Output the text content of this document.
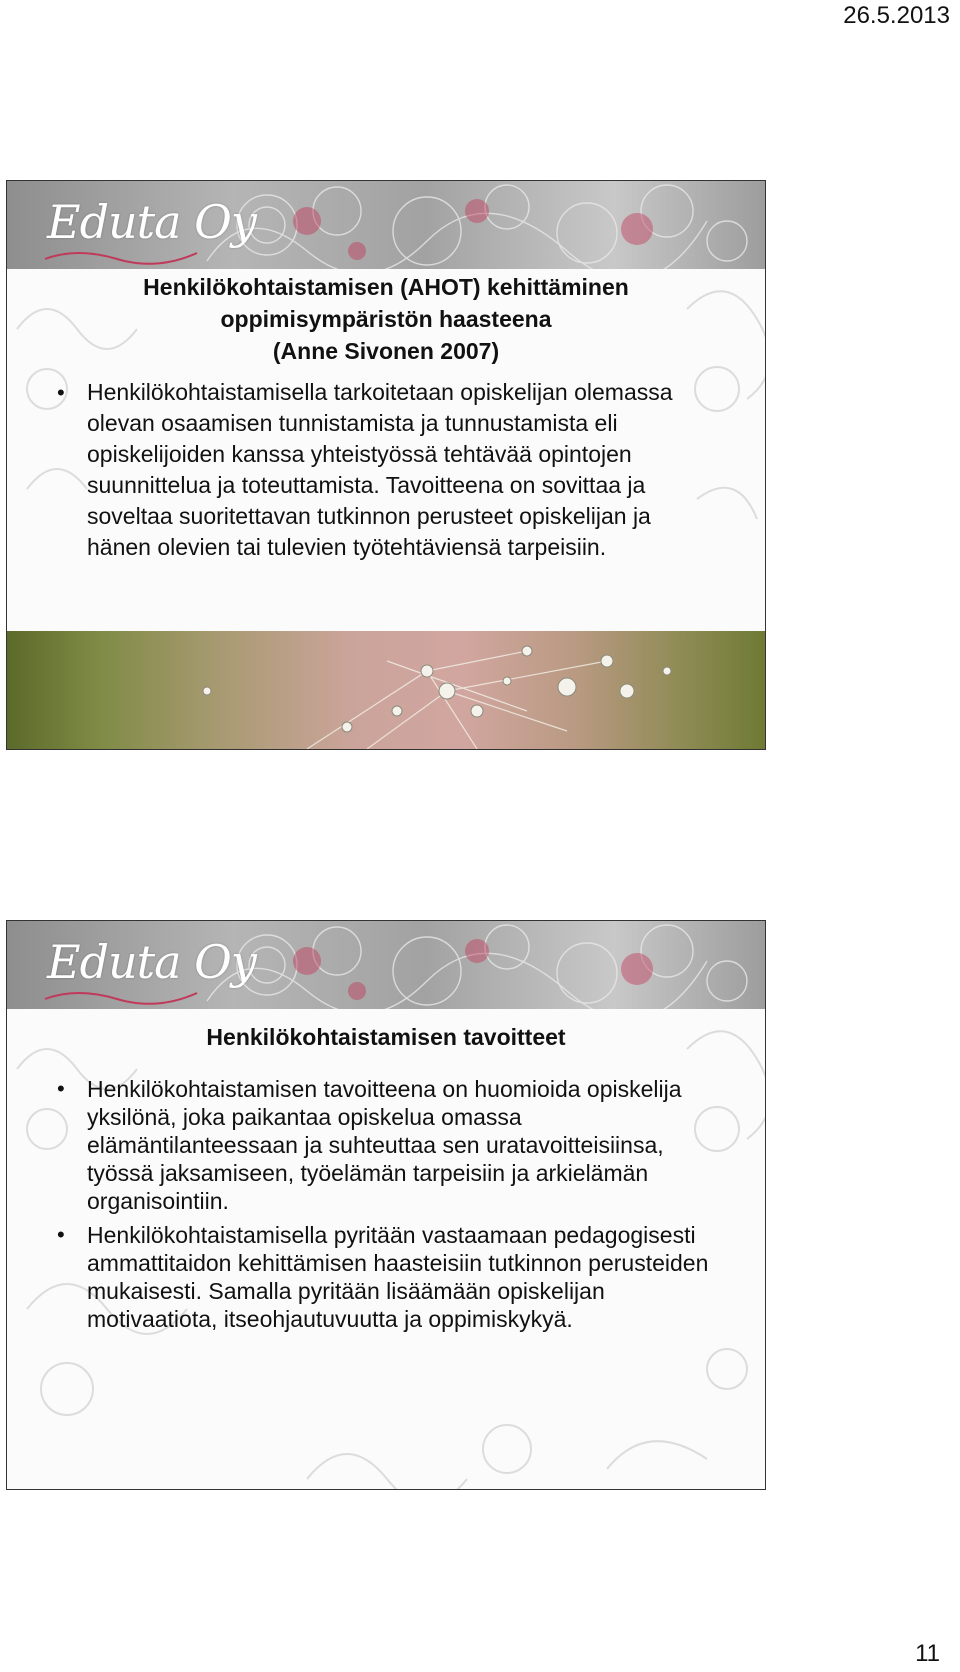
26.5.2013
Eduta Oy
Henkilökohtaistamisen (AHOT) kehittäminen
oppimisympäristön haasteena
(Anne Sivonen 2007)
• Henkilökohtaistamisella tarkoitetaan opiskelijan olemassa olevan osaamisen tunnistamista ja tunnustamista eli opiskelijoiden kanssa yhteistyössä tehtävää opintojen suunnittelua ja toteuttamista. Tavoitteena on sovittaa ja soveltaa suoritettavan tutkinnon perusteet opiskelijan ja hänen olevien tai tulevien työtehtäviensä tarpeisiin.
Eduta Oy
Henkilökohtaistamisen tavoitteet
• Henkilökohtaistamisen tavoitteena on huomioida opiskelija yksilönä, joka paikantaa opiskelua omassa elämäntilanteessaan ja suhteuttaa sen uratavoitteisiinsa, työssä jaksamiseen, työelämän tarpeisiin ja arkielämän organisointiin.
• Henkilökohtaistamisella pyritään vastaamaan pedagogisesti ammattitaidon kehittämisen haasteisiin tutkinnon perusteiden mukaisesti. Samalla pyritään lisäämään opiskelijan motivaatiota, itseohjautuvuutta ja oppimiskykyä.
11
